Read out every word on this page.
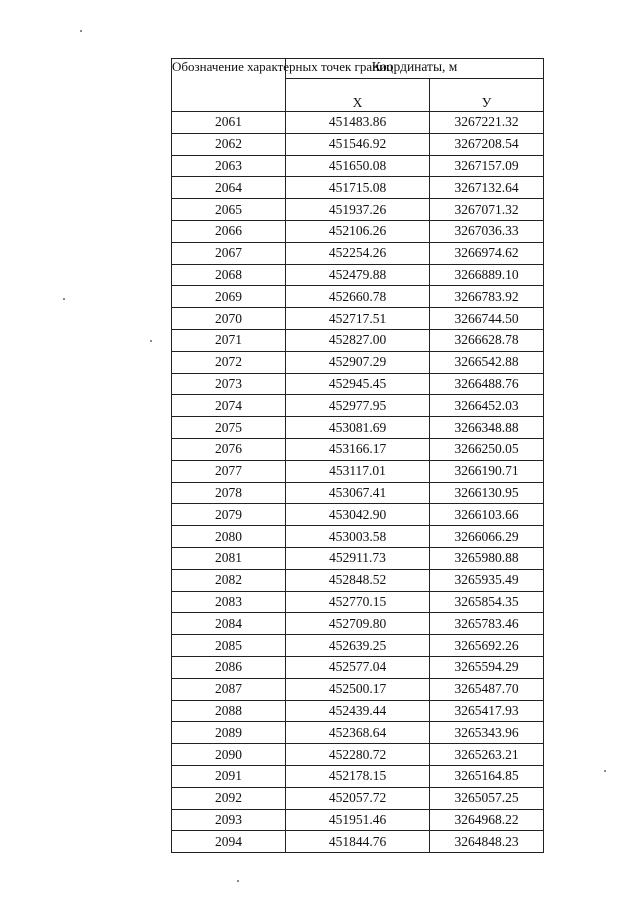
Обозначение характерных точек границ	Координаты, м	
	Х	У
2061	451483.86	3267221.32
2062	451546.92	3267208.54
2063	451650.08	3267157.09
2064	451715.08	3267132.64
2065	451937.26	3267071.32
2066	452106.26	3267036.33
2067	452254.26	3266974.62
2068	452479.88	3266889.10
2069	452660.78	3266783.92
2070	452717.51	3266744.50
2071	452827.00	3266628.78
2072	452907.29	3266542.88
2073	452945.45	3266488.76
2074	452977.95	3266452.03
2075	453081.69	3266348.88
2076	453166.17	3266250.05
2077	453117.01	3266190.71
2078	453067.41	3266130.95
2079	453042.90	3266103.66
2080	453003.58	3266066.29
2081	452911.73	3265980.88
2082	452848.52	3265935.49
2083	452770.15	3265854.35
2084	452709.80	3265783.46
2085	452639.25	3265692.26
2086	452577.04	3265594.29
2087	452500.17	3265487.70
2088	452439.44	3265417.93
2089	452368.64	3265343.96
2090	452280.72	3265263.21
2091	452178.15	3265164.85
2092	452057.72	3265057.25
2093	451951.46	3264968.22
2094	451844.76	3264848.23
